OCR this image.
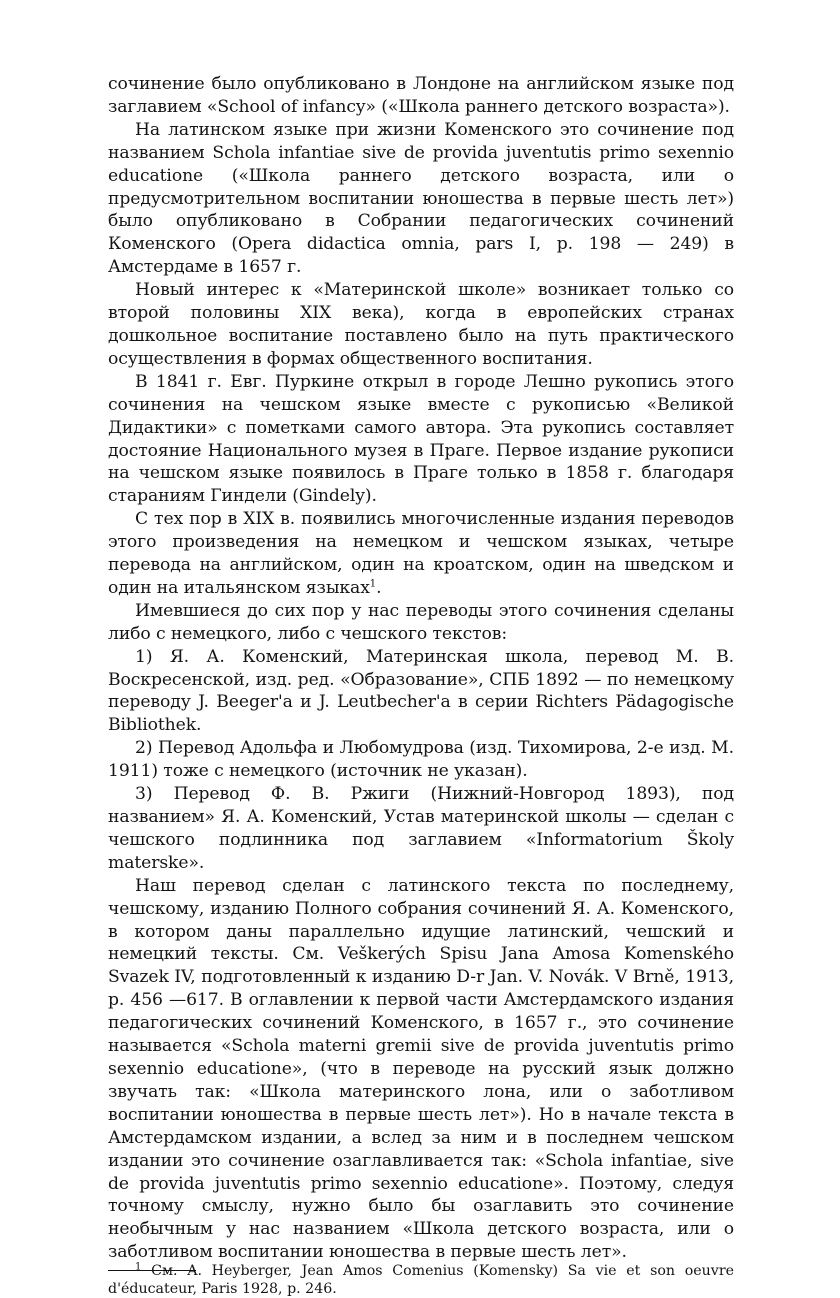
сочинение было опубликовано в Лондоне на английском языке под заглавием «School of infancy» («Школа раннего детского возраста»).

На латинском языке при жизни Коменского это сочинение под названием Schola infantiae sive de provida juventutis primo sexennio educatione («Школа раннего детского возраста, или о предусмотрительном воспитании юношества в первые шесть лет») было опубликовано в Собрании педагогических сочинений Коменского (Opera didactica omnia, pars I, p. 198 — 249) в Амстердаме в 1657 г.

Новый интерес к «Материнской школе» возникает только со второй половины XIX века), когда в европейских странах дошкольное воспитание поставлено было на путь практического осуществления в формах общественного воспитания.

В 1841 г. Евг. Пуркине открыл в городе Лешно рукопись этого сочинения на чешском языке вместе с рукописью «Великой Дидактики» с пометками самого автора. Эта рукопись составляет достояние Национального музея в Праге. Первое издание рукописи на чешском языке появилось в Праге только в 1858 г. благодаря стараниям Гиндели (Gindely).

С тех пор в XIX в. появились многочисленные издания переводов этого произведения на немецком и чешском языках, четыре перевода на английском, один на кроатском, один на шведском и один на итальянском языках$^1$.

Имевшиеся до сих пор у нас переводы этого сочинения сделаны либо с немецкого, либо с чешского текстов:

1) Я. А. Коменский, Материнская школа, перевод М. В. Воскресенской, изд. ред. «Образование», СПБ 1892 — по немецкому переводу J. Beeger'a и J. Leutbecher'a в серии Richters Pädagogische Bibliothek.

2) Перевод Адольфа и Любомудрова (изд. Тихомирова, 2-е изд. М. 1911) тоже с немецкого (источник не указан).

3) Перевод Ф. В. Ржиги (Нижний-Новгород 1893), под названием» Я. А. Коменский, Устав материнской школы — сделан с чешского подлинника под заглавием «Informatorium Školy materske».

Наш перевод сделан с латинского текста по последнему, чешскому, изданию Полного собрания сочинений Я. А. Коменского, в котором даны параллельно идущие латинский, чешский и немецкий тексты. См. Veškerých Spisu Jana Amosa Komenského Svazek IV, подготовленный к изданию D-r Jan. V. Novák. V Brně, 1913, p. 456 —617. В оглавлении к первой части Амстердамского издания педагогических сочинений Коменского, в 1657 г., это сочинение называется «Schola materni gremii sive de provida juventutis primo sexennio educatione», (что в переводе на русский язык должно звучать так: «Школа материнского лона, или о заботливом воспитании юношества в первые шесть лет»). Но в начале текста в Амстердамском издании, а вслед за ним и в последнем чешском издании это сочинение озаглавливается так: «Schola infantiae, sive de provida juventutis primo sexennio educatione». Поэтому, следуя точному смыслу, нужно было бы озаглавить это сочинение необычным у нас названием «Школа детского возраста, или о заботливом воспитании юношества в первые шесть лет».

$^1$ Cм. A. Heyberger, Jean Amos Comenius (Komensky) Sa vie et son oeuvre d'éducateur, Paris 1928, p. 246.
